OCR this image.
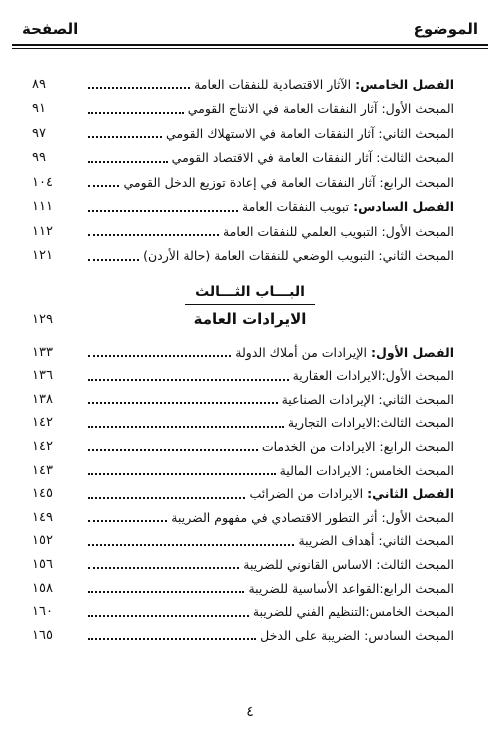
الموضوع
الصفحة
الفصل الخامس: الآثار الاقتصادية للنفقات العامة
٨٩
المبحث الأول: آثار النفقات العامة في الانتاج القومي
٩١
المبحث الثاني: آثار النفقات العامة في الاستهلاك القومي
٩٧
المبحث الثالث: آثار النفقات العامة في الاقتصاد القومي
٩٩
المبحث الرابع: آثار النفقات العامة في إعادة توزيع الدخل القومي
١٠٤
الفصل السادس: تبويب النفقات العامة
١١١
المبحث الأول: التبويب العلمي للنفقات العامة
١١٢
المبحث الثاني: التبويب الوضعي للنفقات العامة (حالة الأردن)
١٢١
البـــاب الثـــالث
الايرادات العامة
١٢٩
الفصل الأول: الإيرادات من أملاك الدولة
١٣٣
المبحث الأول:الايرادات العقارية
١٣٦
المبحث الثاني: الإيرادات الصناعية
١٣٨
المبحث الثالث:الايرادات التجارية
١٤٢
المبحث الرابع: الايرادات من الخدمات
١٤٢
المبحث الخامس: الايرادات المالية
١٤٣
الفصل الثاني: الايرادات من الضرائب
١٤٥
المبحث الأول: أثر التطور الاقتصادي في مفهوم الضريبة
١٤٩
المبحث الثاني: أهداف الضريبة
١٥٢
المبحث الثالث: الاساس القانوني للضريبة
١٥٦
المبحث الرابع:القواعد الأساسية للضريبة
١٥٨
المبحث الخامس:التنظيم الفني للضريبة
١٦٠
المبحث السادس: الضريبة على الدخل
١٦٥
٤
